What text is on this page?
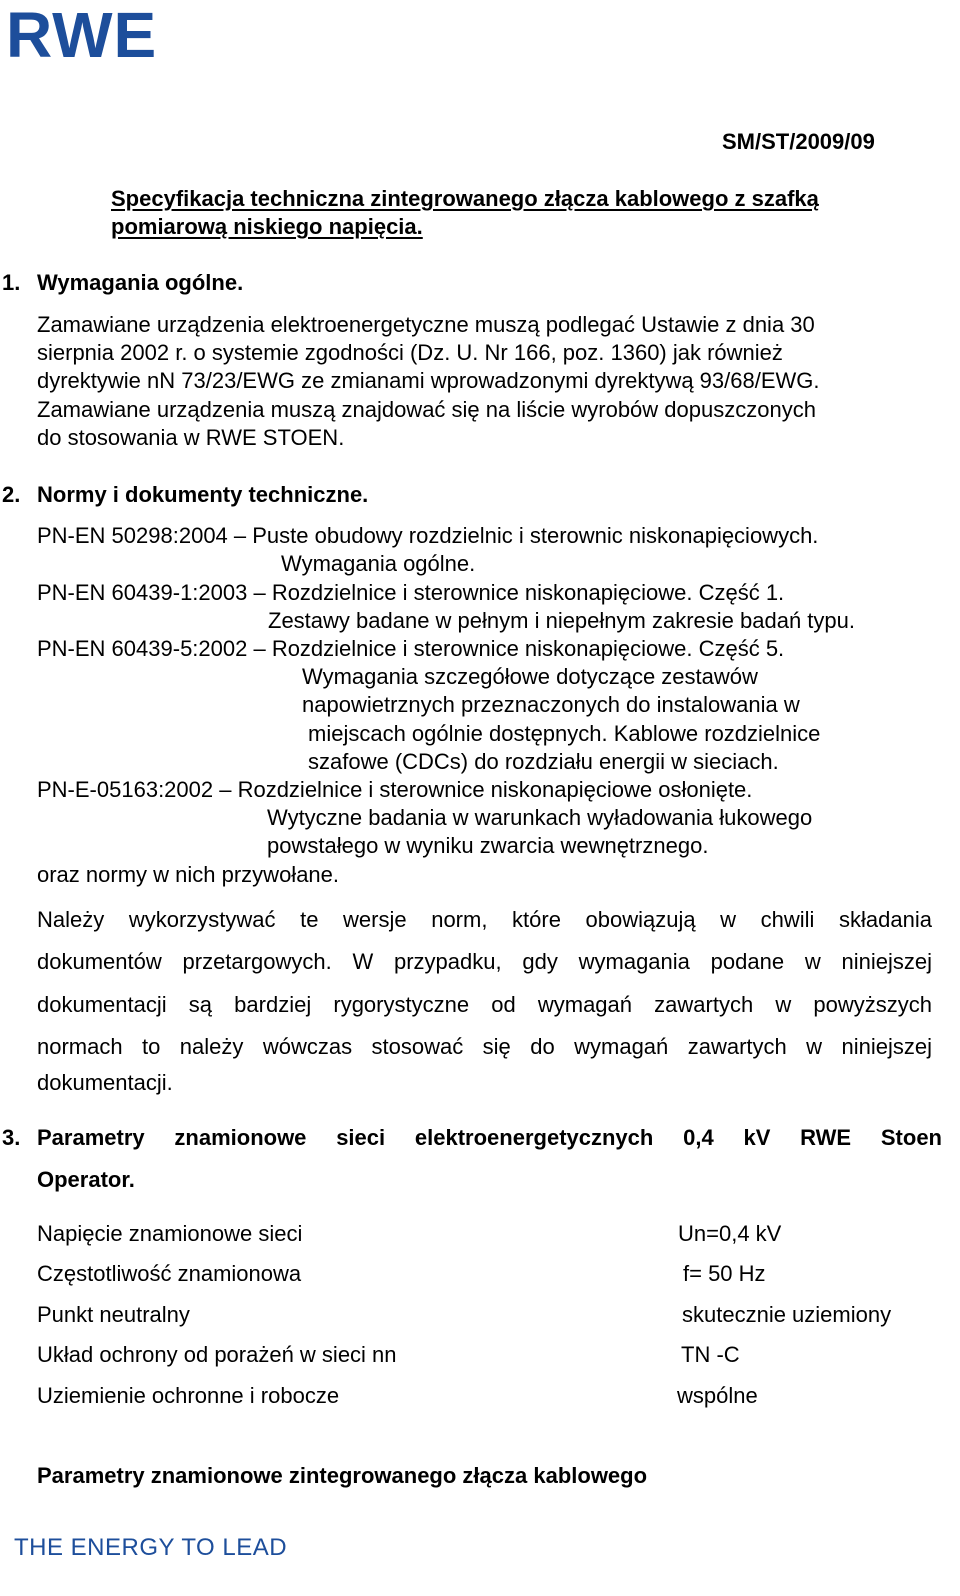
RWE
SM/ST/2009/09
Specyfikacja techniczna zintegrowanego złącza kablowego z szafką
pomiarową niskiego napięcia.
1. Wymagania ogólne.
Zamawiane urządzenia elektroenergetyczne muszą podlegać Ustawie z dnia 30
sierpnia 2002 r. o systemie zgodności (Dz. U. Nr 166, poz. 1360) jak również
dyrektywie nN 73/23/EWG ze zmianami wprowadzonymi dyrektywą 93/68/EWG.
Zamawiane urządzenia muszą znajdować się na liście wyrobów dopuszczonych
do stosowania w RWE STOEN.
2. Normy i dokumenty techniczne.
PN-EN 50298:2004 – Puste obudowy rozdzielnic i sterownic niskonapięciowych.
Wymagania ogólne.
PN-EN 60439-1:2003 – Rozdzielnice i sterownice niskonapięciowe. Część 1.
Zestawy badane w pełnym i niepełnym zakresie badań typu.
PN-EN 60439-5:2002 – Rozdzielnice i sterownice niskonapięciowe. Część 5.
Wymagania szczegółowe dotyczące zestawów
napowietrznych przeznaczonych do instalowania w
miejscach ogólnie dostępnych. Kablowe rozdzielnice
szafowe (CDCs) do rozdziału energii w sieciach.
PN-E-05163:2002 – Rozdzielnice i sterownice niskonapięciowe osłonięte.
Wytyczne badania w warunkach wyładowania łukowego
powstałego w wyniku zwarcia wewnętrznego.
oraz normy w nich przywołane.
Należy wykorzystywać te wersje norm, które obowiązują w chwili składania
dokumentów przetargowych. W przypadku, gdy wymagania podane w niniejszej
dokumentacji są bardziej rygorystyczne od wymagań zawartych w powyższych
normach to należy wówczas stosować się do wymagań zawartych w niniejszej
dokumentacji.
3. Parametry znamionowe sieci elektroenergetycznych 0,4 kV RWE Stoen
Operator.
Napięcie znamionowe sieci	Un=0,4 kV
Częstotliwość znamionowa	f= 50 Hz
Punkt neutralny	skutecznie uziemiony
Układ ochrony od porażeń w sieci nn	TN -C
Uziemienie ochronne i robocze	wspólne
Parametry znamionowe zintegrowanego złącza kablowego
THE ENERGY TO LEAD
